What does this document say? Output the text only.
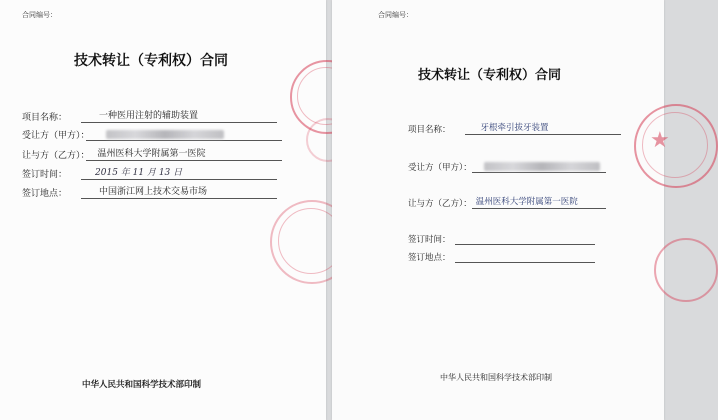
合同编号：
技术转让（专利权）合同
项目名称：	一种医用注射的辅助装置
受让方（甲方）：
让与方（乙方）： 温州医科大学附属第一医院
签订时间：	2015 年 11 月 13 日
签订地点：	中国浙江网上技术交易市场
中华人民共和国科学技术部印制
合同编号：
技术转让（专利权）合同
项目名称：	牙根牵引拔牙装置
受让方（甲方）：
让与方（乙方）： 温州医科大学附属第一医院
签订时间：
签订地点：
中华人民共和国科学技术部印制
★
